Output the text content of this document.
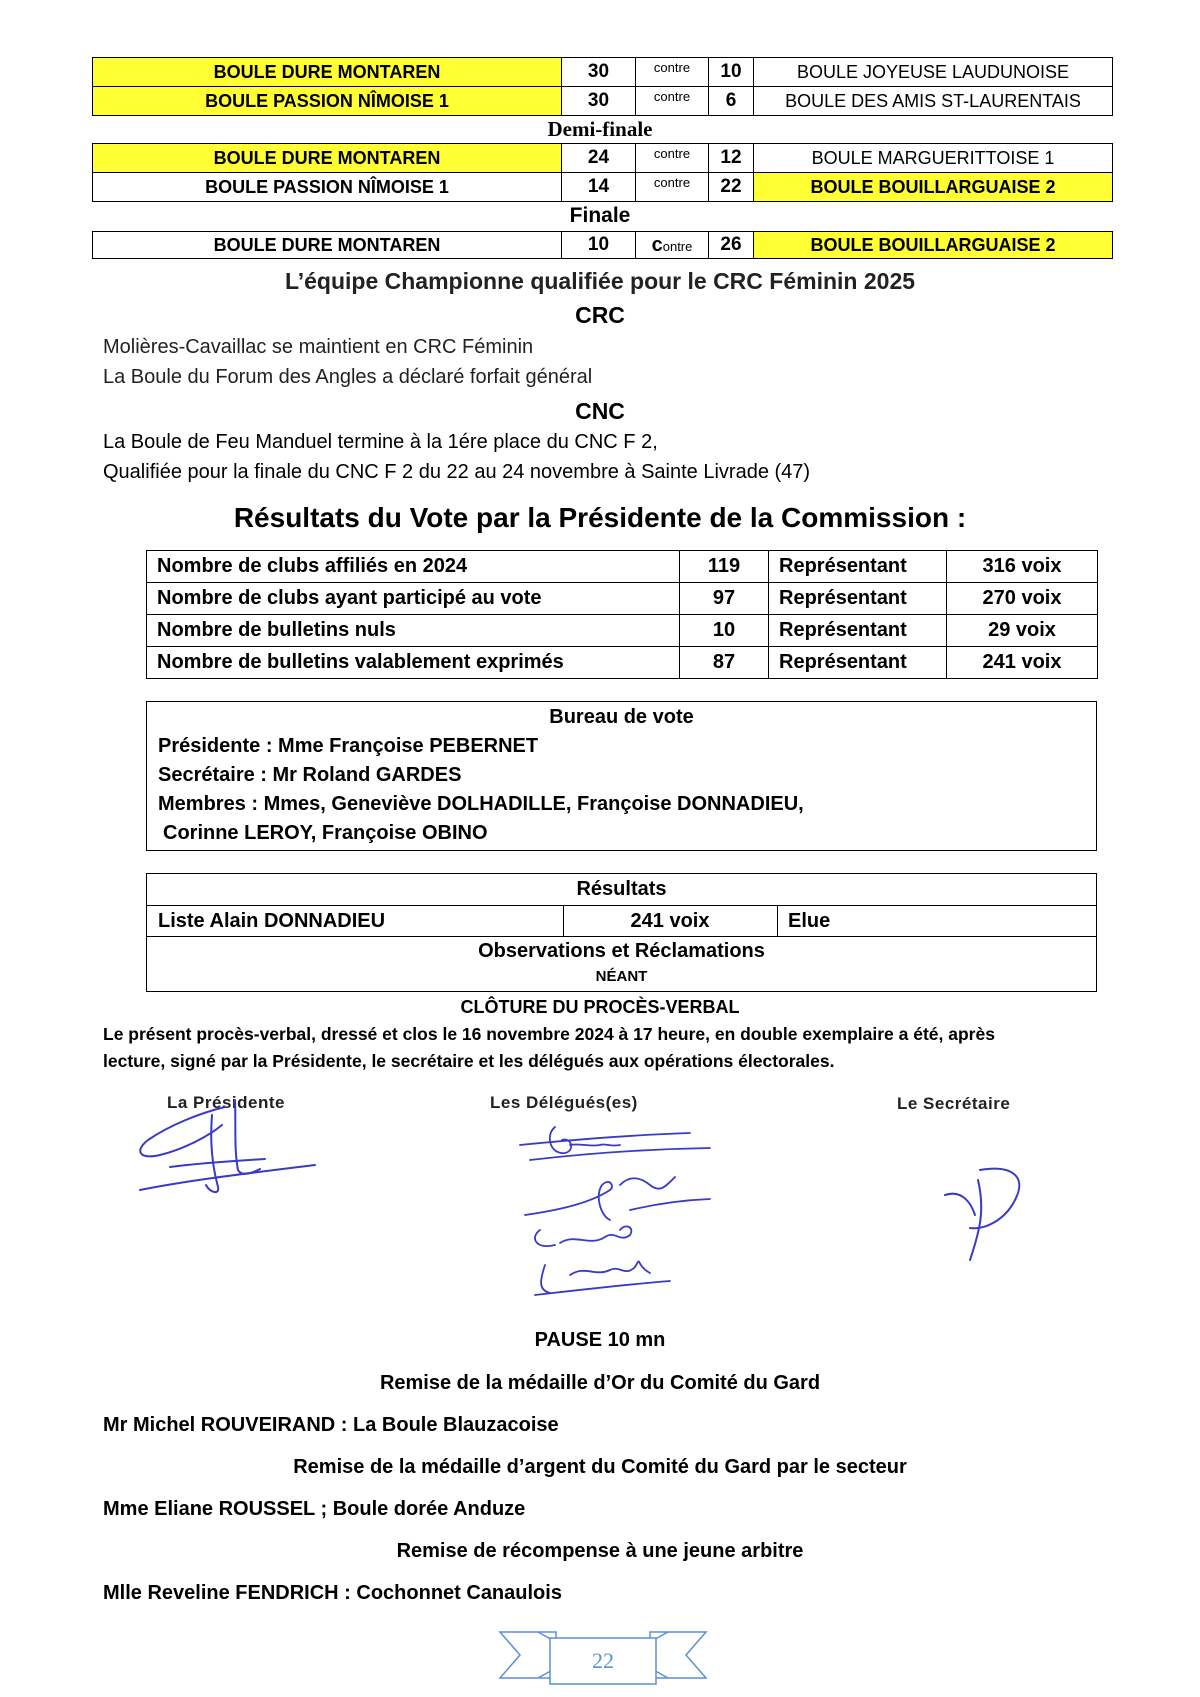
BOULE DURE MONTAREN	30	contre	10	BOULE JOYEUSE LAUDUNOISE
BOULE PASSION NÎMOISE 1	30	contre	6	BOULE DES AMIS ST-LAURENTAIS
Demi-finale
BOULE DURE MONTAREN	24	contre	12	BOULE MARGUERITTOISE 1
BOULE PASSION NÎMOISE 1	14	contre	22	BOULE BOUILLARGUAISE 2
Finale
BOULE DURE MONTAREN	10	contre	26	BOULE BOUILLARGUAISE 2
L’équipe Championne qualifiée pour le CRC Féminin 2025
CRC
Molières-Cavaillac se maintient en CRC Féminin
La Boule du Forum des Angles a déclaré forfait général
CNC
La Boule de Feu Manduel termine à la 1ére place du CNC F 2,
Qualifiée pour la finale du CNC F 2 du 22 au 24 novembre à Sainte Livrade (47)
Résultats du Vote par la Présidente de la Commission :
Nombre de clubs affiliés en 2024	119	Représentant	316 voix
Nombre de clubs ayant participé au vote	97	Représentant	270 voix
Nombre de bulletins nuls	10	Représentant	29 voix
Nombre de bulletins valablement exprimés	87	Représentant	241 voix
Bureau de vote
Présidente : Mme Françoise PEBERNET
Secrétaire : Mr Roland GARDES
Membres : Mmes, Geneviève DOLHADILLE, Françoise DONNADIEU,
Corinne LEROY, Françoise OBINO
Résultats
Liste Alain DONNADIEU	241 voix	Elue
Observations et Réclamations
NÉANT
CLÔTURE DU PROCÈS-VERBAL
Le présent procès-verbal, dressé et clos le 16 novembre 2024 à 17 heure, en double exemplaire a été, après
lecture, signé par la Présidente, le secrétaire et les délégués aux opérations électorales.
La Présidente	Les Délégués(es)	Le Secrétaire
PAUSE 10 mn
Remise de la médaille d’Or du Comité du Gard
Mr Michel ROUVEIRAND : La Boule Blauzacoise
Remise de la médaille d’argent du Comité du Gard par le secteur
Mme Eliane ROUSSEL ; Boule dorée Anduze
Remise de récompense à une jeune arbitre
Mlle Reveline FENDRICH : Cochonnet Canaulois
22
